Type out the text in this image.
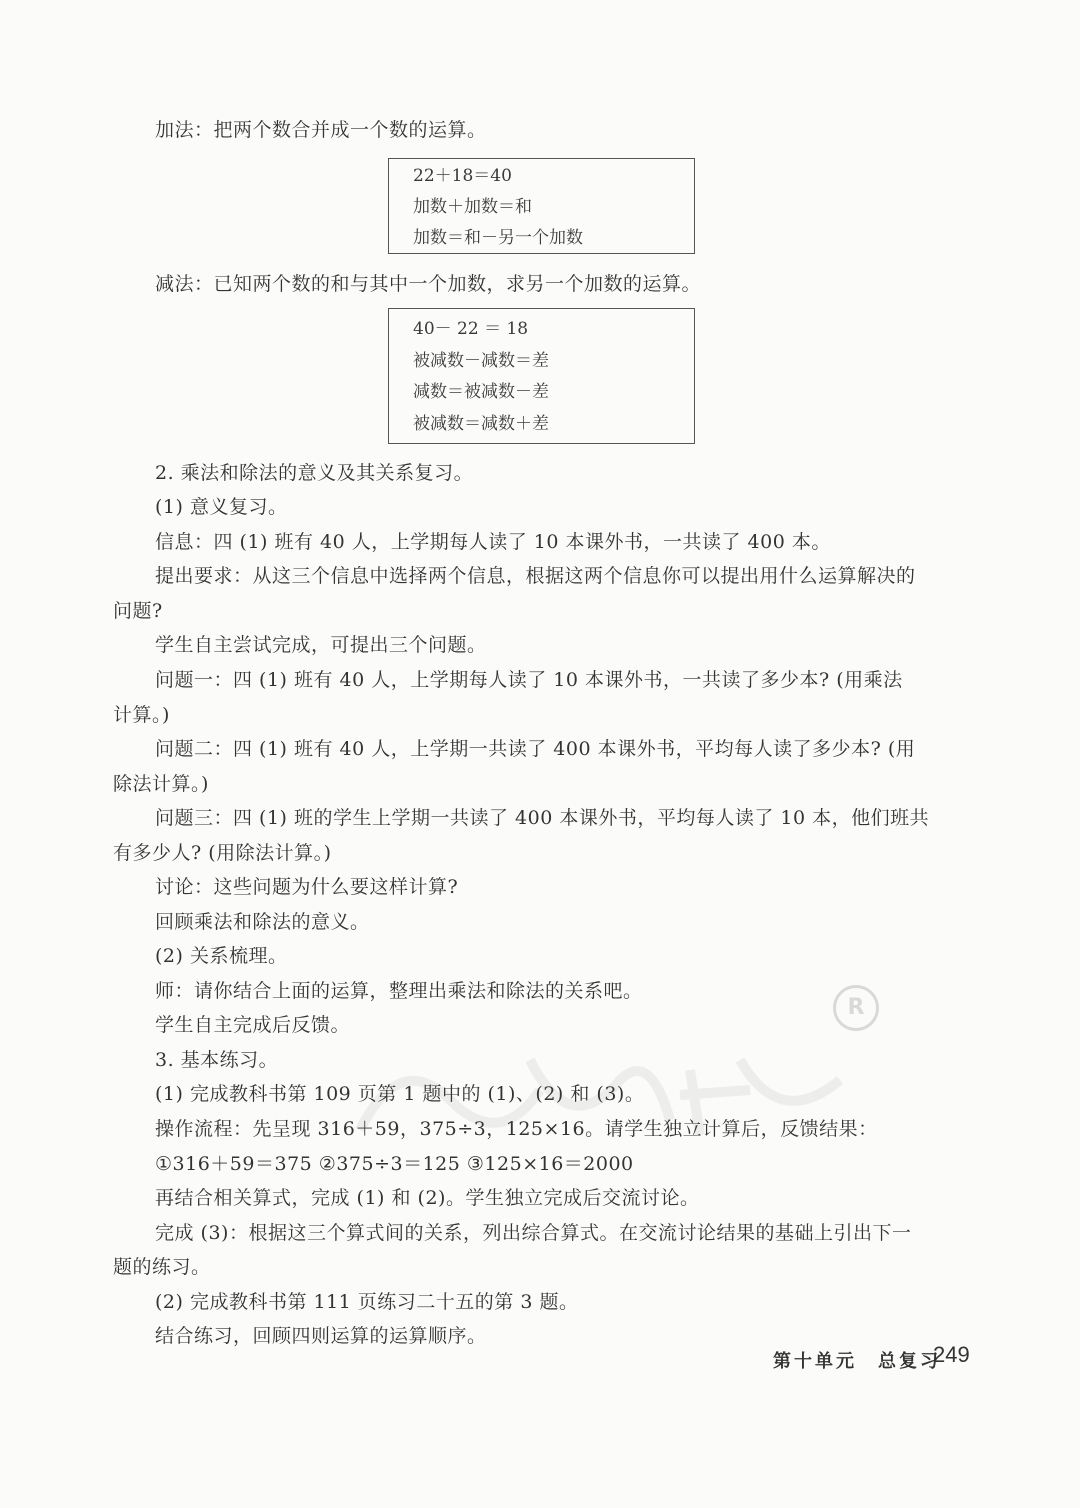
加法：把两个数合并成一个数的运算。
22＋18＝40
加数＋加数＝和
加数＝和－另一个加数
减法：已知两个数的和与其中一个加数，求另一个加数的运算。
40－ 22 ＝ 18
被减数－减数＝差
减数＝被减数－差
被减数＝减数＋差
2. 乘法和除法的意义及其关系复习。
(1) 意义复习。
信息：四 (1) 班有 40 人，上学期每人读了 10 本课外书，一共读了 400 本。
提出要求：从这三个信息中选择两个信息，根据这两个信息你可以提出用什么运算解决的
问题?
学生自主尝试完成，可提出三个问题。
问题一：四 (1) 班有 40 人，上学期每人读了 10 本课外书，一共读了多少本? (用乘法
计算。)
问题二：四 (1) 班有 40 人，上学期一共读了 400 本课外书，平均每人读了多少本? (用
除法计算。)
问题三：四 (1) 班的学生上学期一共读了 400 本课外书，平均每人读了 10 本，他们班共
有多少人? (用除法计算。)
讨论：这些问题为什么要这样计算?
回顾乘法和除法的意义。
(2) 关系梳理。
师：请你结合上面的运算，整理出乘法和除法的关系吧。
学生自主完成后反馈。
3. 基本练习。
(1) 完成教科书第 109 页第 1 题中的 (1)、(2) 和 (3)。
操作流程：先呈现 316＋59，375÷3，125×16。请学生独立计算后，反馈结果：
①316＋59＝375 ②375÷3＝125 ③125×16＝2000
再结合相关算式，完成 (1) 和 (2)。学生独立完成后交流讨论。
完成 (3)：根据这三个算式间的关系，列出综合算式。在交流讨论结果的基础上引出下一
题的练习。
(2) 完成教科书第 111 页练习二十五的第 3 题。
结合练习，回顾四则运算的运算顺序。
R
第十单元　总复习
249
